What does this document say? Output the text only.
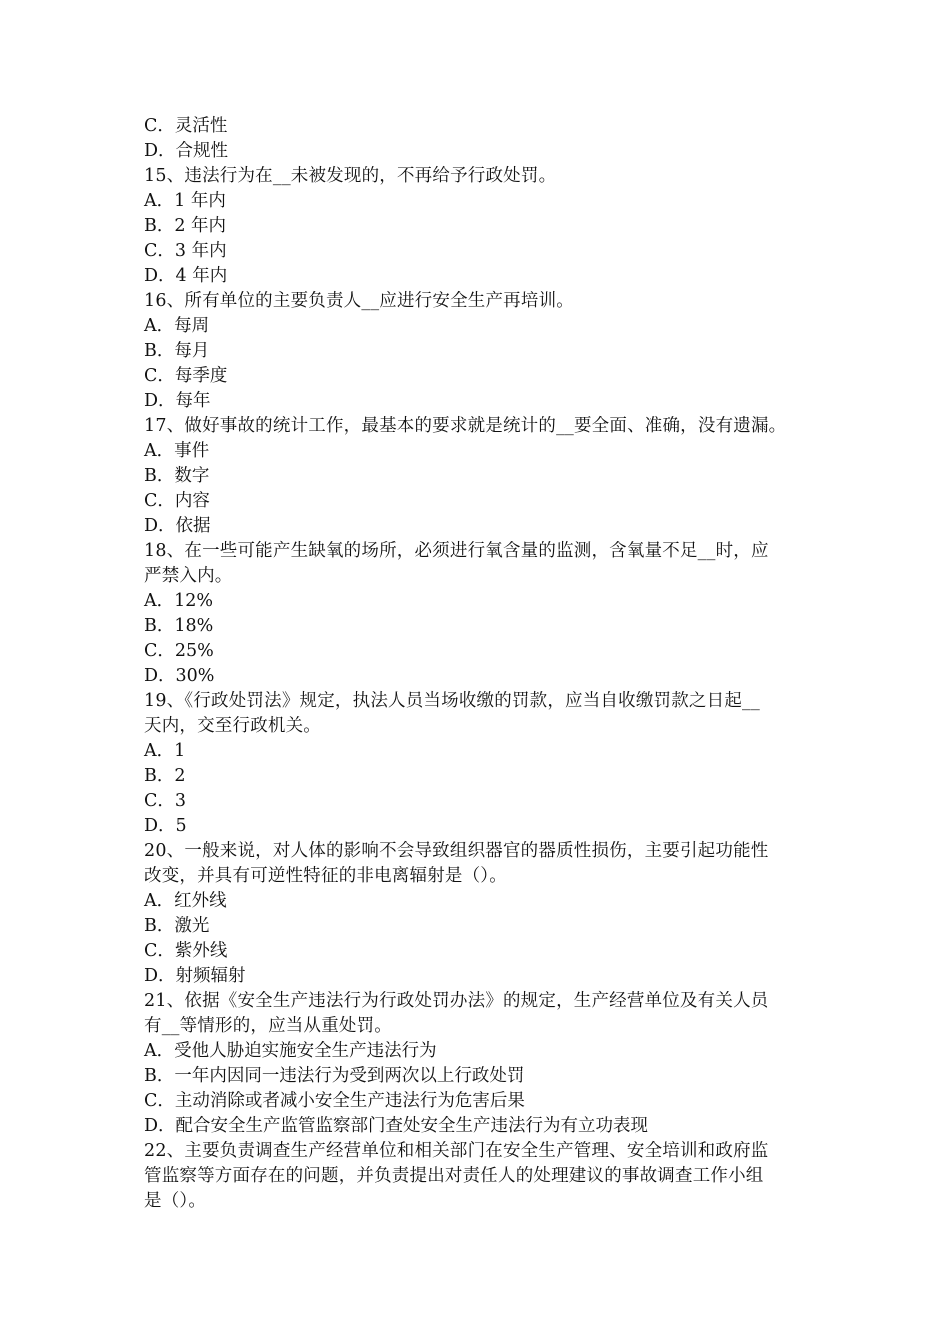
C．灵活性
D．合规性
15、违法行为在__未被发现的，不再给予行政处罚。
A．1 年内
B．2 年内
C．3 年内
D．4 年内
16、所有单位的主要负责人__应进行安全生产再培训。
A．每周
B．每月
C．每季度
D．每年
17、做好事故的统计工作，最基本的要求就是统计的__要全面、准确，没有遗漏。
A．事件
B．数字
C．内容
D．依据
18、在一些可能产生缺氧的场所，必须进行氧含量的监测，含氧量不足__时，应
严禁入内。
A．12%
B．18%
C．25%
D．30%
19、《行政处罚法》规定，执法人员当场收缴的罚款，应当自收缴罚款之日起__
天内，交至行政机关。
A．1
B．2
C．3
D．5
20、一般来说，对人体的影响不会导致组织器官的器质性损伤，主要引起功能性
改变，并具有可逆性特征的非电离辐射是（）。
A．红外线
B．激光
C．紫外线
D．射频辐射
21、依据《安全生产违法行为行政处罚办法》的规定，生产经营单位及有关人员
有__等情形的，应当从重处罚。
A．受他人胁迫实施安全生产违法行为
B．一年内因同一违法行为受到两次以上行政处罚
C．主动消除或者减小安全生产违法行为危害后果
D．配合安全生产监管监察部门查处安全生产违法行为有立功表现
22、主要负责调查生产经营单位和相关部门在安全生产管理、安全培训和政府监
管监察等方面存在的问题，并负责提出对责任人的处理建议的事故调查工作小组
是（）。
